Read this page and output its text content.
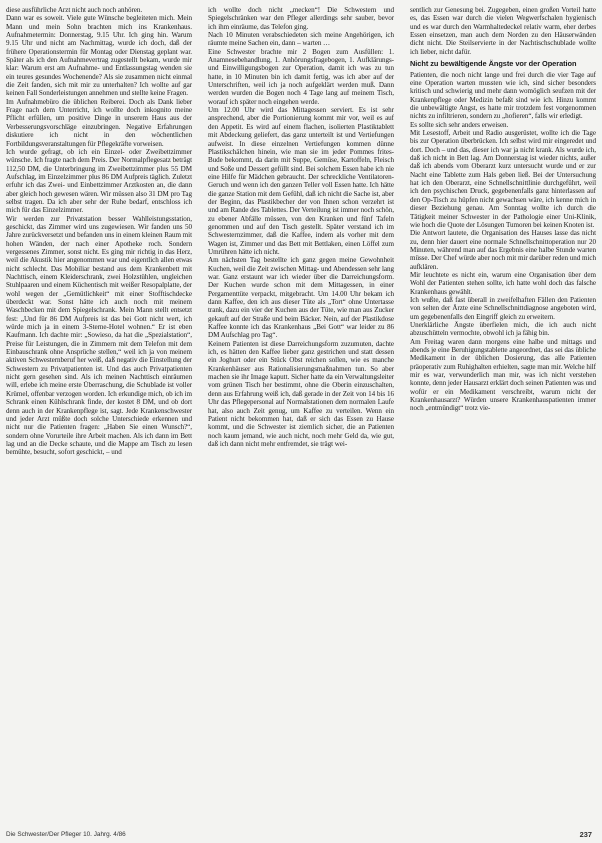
diese ausführliche Arzt nicht auch noch anhören.

Dann war es soweit. Viele gute Wünsche begleiteten mich. Mein Mann und mein Sohn brachten mich ins Krankenhaus. Aufnahmetermin: Donnerstag, 9.15 Uhr. Ich ging hin. Warum 9.15 Uhr und nicht am Nachmittag, wurde ich doch, daß der frühere Operationstermin für Montag oder Dienstag geplant war. Später als ich den Aufnahmevertrag zugestellt bekam, wurde mir klar: Warum erst am Aufnahme- und Entlassungstag wenden sie ein teures gesundes Wochenende? Als sie zusammen nicht einmal die Zeit fanden, sich mit mir zu unterhalten? Ich wollte auf gar keinen Fall Sonderleistungen annehmen und stellte keine Fragen.

Im Aufnahmebüro die üblichen Reiberei. Doch als Dank lieber Frage nach dem Unterricht, ich wollte doch inkognito meine Pflicht erfüllen, um positive Dinge in unserem Haus aus der Verbesserungsvorschläge einzubringen. Negative Erfahrungen diskutiere ich nicht in den wöchentlichen Fortbildungsveranstaltungen für Pflegekräfte vorweisen.

Ich wurde gefragt, ob ich ein Einzel- oder Zweibettzimmer wünsche. Ich fragte nach dem Preis. Der Normalpflegesatz beträgt 112,50 DM, die Unterbringung im Zweibettzimmer plus 55 DM Aufschlag, im Einzelzimmer plus 86 DM Aufpreis täglich. Zuletzt erfuhr ich das Zwei- und Einbettzimmer Arztkosten an, die dann aber gleich hoch gewesen wären. Wir müssen also 31 DM pro Tag selbst tragen. Da ich aber sehr der Ruhe bedarf, entschloss ich mich für das Einzelzimmer.

Wir werden zur Privatstation besser Wahlleistungsstation, geschickt, das Zimmer wird uns zugewiesen. Wir fanden uns 50 Jahre zurückversetzt und befanden uns in einem kleinen Raum mit hohen Wänden, der nach einer Apotheke roch. Sondern vergessenes Zimmer, sonst nicht. Es ging mir richtig in das Herz, weil die Akustik hier angenommen war und eigentlich allen etwas nicht schlecht. Das Mobiliar bestand aus dem Krankenbett mit Nachttisch, einem Kleiderschrank, zwei Holzstühlen, ungleichen Stuhlpaaren und einem Küchentisch mit weißer Resopalplatte, der wohl wegen der „Gemütlichkeit“ mit einer Stofftischdecke überdeckt war. Sonst hätte ich auch noch mit meinem Waschbecken mit dem Spiegelschrank. Mein Mann stellt entsetzt fest: „Und für 86 DM Aufpreis ist das bei Gott nicht wert, ich würde mich ja in einem 3-Sterne-Hotel wohnen.“ Er ist eben Kaufmann. Ich dachte mir: „Sowieso, da hat die „Spezialstation“, Preise für Leistungen, die in Zimmern mit dem Telefon mit dem Einbauschrank ohne Ansprüche stellen,“ weil ich ja von meinem aktiven Schwesternberuf her weiß, daß negativ die Einstellung der Schwestern zu Privatpatienten ist. Und das auch Privatpatienten nicht gern gesehen sind. Als ich meinen Nachttisch einräumen will, erlebe ich meine erste Überraschung, die Schublade ist voller Krümel, offenbar verzogen worden. Ich erkundige mich, ob ich im Schrank einen Kühlschrank finde, der kostet 8 DM, und ob dort denn auch in der Krankenpflege ist, sagt. Jede Krankenschwester und jeder Arzt müßte doch solche Unterschiede erkennen und nicht nur die Patienten fragen: „Haben Sie einen Wunsch?“, sondern ohne Vorurteile ihre Arbeit machen. Als ich dann im Bett lag und an die Decke schaute, und die Mappe am Tisch zu lesen bemühte, besucht, sofort geschickt, – und

ich wollte doch nicht „mecken“! Die Schwestern und Spiegelschränken war den Pfleger allerdings sehr sauber, bevor ich ihm einräume, das Telefon ging.

Nach 10 Minuten verabschiedeten sich meine Angehörigen, ich räumte meine Sachen ein, dann – warten …

Eine Schwester brachte mir 2 Bogen zum Ausfüllen: 1. Anamnesebehandlung, 1. Anhörungsfragebogen, 1. Aufklärungs- und Einwilligungsbogen zur Operation, damit ich was zu tun hatte, in 10 Minuten bin ich damit fertig, was ich aber auf der Unterschriften, weil ich ja noch aufgeklärt werden muß. Dann werden wurden die Bogen noch 4 Tage lang auf meinem Tisch, worauf ich später noch eingehen werde.

Um 12.00 Uhr wird das Mittagessen serviert. Es ist sehr ansprechend, aber die Portionierung kommt mir vor, weil es auf den Appetit. Es wird auf einem flachen, isolierten Plastiktablett mit Abdeckung geliefert, das ganz unterteilt ist und Vertiefungen aufweist. In diese einzelnen Vertiefungen kommen dünne Plastikschälchen hinein, wie man sie im jeder Pommes frites-Bude bekommt, da darin mit Suppe, Gemüse, Kartoffeln, Fleisch und Soße und Dessert gefüllt sind. Bei solchem Essen habe ich nie eine Hilfe für Mädchen gebraucht. Der schreckliche Ventilatoren-Geruch und wenn ich den ganzen Teller voll Essen hatte. Ich hätte die ganze Station mit dem Gefühl, daß ich nicht die Sache ist, aber der Beginn, das Plastikbecher der von Ihnen schon verzehrt ist und am Rande des Tablettes. Der Verteilung ist immer noch schön, zu ebener Abfälle müssen, von den Kranken und fünf Tafeln genommen und auf den Tisch gestellt. Später verstand ich im Schwesternzimmer, daß die Kaffee, indem als vorher mit dem Wagen ist, Zimmer und das Bett mit Bettlaken, einen Löffel zum Umrühren hätte ich nicht.

Am nächsten Tag bestellte ich ganz gegen meine Gewohnheit Kuchen, weil die Zeit zwischen Mittag- und Abendessen sehr lang war. Ganz erstaunt war ich wieder über die Darreichungsform. Der Kuchen wurde schon mit dem Mittagessen, in einer Pergamenttüte verpackt, mitgebracht. Um 14.00 Uhr bekam ich dann Kaffee, den ich aus dieser Tüte als „Tort“ ohne Untertasse trank, dazu ein vier der Kuchen aus der Tüte, wie man aus Zucker gekauft auf der Straße und beim Bäcker. Nein, auf der Plastikdose Kaffee konnte ich das Krankenhaus „Bei Gott“ war leider zu 86 DM Aufschlag pro Tag“.

Keinem Patienten ist diese Darreichungsform zuzumuten, dachte ich, es hätten den Kaffee lieber ganz gestrichen und statt dessen ein Joghurt oder ein Stück Obst reichen sollen, wie es manche Krankenhäuser aus Rationalisierungsmaßnahmen tun. So aber machen sie ihr Image kaputt. Sicher hatte da ein Verwaltungsleiter vom grünen Tisch her bestimmt, ohne die Oberin einzuschalten, denn aus Erfahrung weiß ich, daß gerade in der Zeit von 14 bis 16 Uhr das Pflegepersonal auf Normalstationen dem normalen Laufe hat, also auch Zeit genug, um Kaffee zu verteilen. Wenn ein Patient nicht bekommen hat, daß er sich das Essen zu Hause kommt, und die Schwester ist ziemlich sicher, die an Patienten noch kaum jemand, wie auch nicht, noch mehr Geld da, wie gut, daß ich dann nicht mehr entfremdet, sie trägt wei-

sentlich zur Genesung bei. Zugegeben, einen großen Vorteil hatte es, das Essen war durch die vielen Wegwerfschalen hygienisch und es war durch den Warmhaltedeckel relativ warm, eher derbes Essen einsetzen, man auch dem Norden zu den Häuserwänden dicht nicht. Die Steilservierte in der Nachtischschublade wollte ich lieber, nicht dafür.

Nicht zu bewältigende Ängste vor der Operation

Patienten, die noch nicht lange und frei durch die vier Tage auf eine Operation warten mussten wie ich, sind sicher besonders kritisch und schwierig und mehr dann womöglich seufzen mit der Krankenpflege oder Medizin befaßt sind wie ich. Hinzu kommt die unbewältigte Angst, es hatte mir trotzdem fest vorgenommen nichts zu infiltrieren, sondern zu „hofieren“, falls wir erledigt.

Es sollte sich sehr anders erweisen.

Mit Lesestoff, Arbeit und Radio ausgerüstet, wollte ich die Tage bis zur Operation überbrücken. Ich selbst wird mir eingeredet und dort. Doch – und das, dieser ich war ja nicht krank. Als wurde ich, daß ich nicht in Bett lag. Am Donnerstag ist wieder nichts, außer daß ich abends vom Oberarzt kurz untersucht wurde und er zur Nacht eine Tablette zum Hals geben ließ. Bei der Untersuchung hat ich den Oberarzt, eine Schnellschnittlinie durchgeführt, weil ich den psychischen Druck, gegebenenfalls ganz hinterlassen auf den Op-Tisch zu hüpfen nicht gewachsen wäre, ich kenne mich in dieser Beziehung genau. Am Sonntag wollte ich durch die Tätigkeit meiner Schwester in der Pathologie einer Uni-Klinik, wie hoch die Quote der Lösungen Tumoren bei keinen Knoten ist.

Die Antwort lautete, die Organisation des Hauses lasse das nicht zu, denn hier dauert eine normale Schnellschnittoperation nur 20 Minuten, während man auf das Ergebnis eine halbe Stunde warten müsse. Der Chef würde aber noch mit mir darüber reden und mich aufklären.

Mir leuchtete es nicht ein, warum eine Organisation über dem Wohl der Patienten stehen sollte, ich hatte wohl doch das falsche Krankenhaus gewählt.

Ich wußte, daß fast überall in zweifelhaften Fällen den Patienten von selten der Ärzte eine Schnellschnittdiagnose angeboten wird, um gegebenenfalls den Eingriff gleich zu erweitern.

Unerklärliche Ängste überfielen mich, die ich auch nicht abzuschütteln vermochte, obwohl ich ja fähig bin.

Am Freitag waren dann morgens eine halbe und mittags und abends je eine Beruhigungstablette angeordnet, das sei das übliche Medikament in der üblichen Dosierung, das alle Patienten präoperativ zum Ruhighalten erhielten, sagte man mir. Welche hilf mir es war, verwunderlich man mir, was ich nicht verstehen konnte, denn jeder Hausarzt erklärt doch seinen Patienten was und wofür er ein Medikament verschreibt, warum nicht der Krankenhausarzt? Würden unsere Krankenhauspatienten immer noch „entmündigt“ trotz vie-

Die Schwester/Der Pfleger 10. Jahrg. 4/86	237
